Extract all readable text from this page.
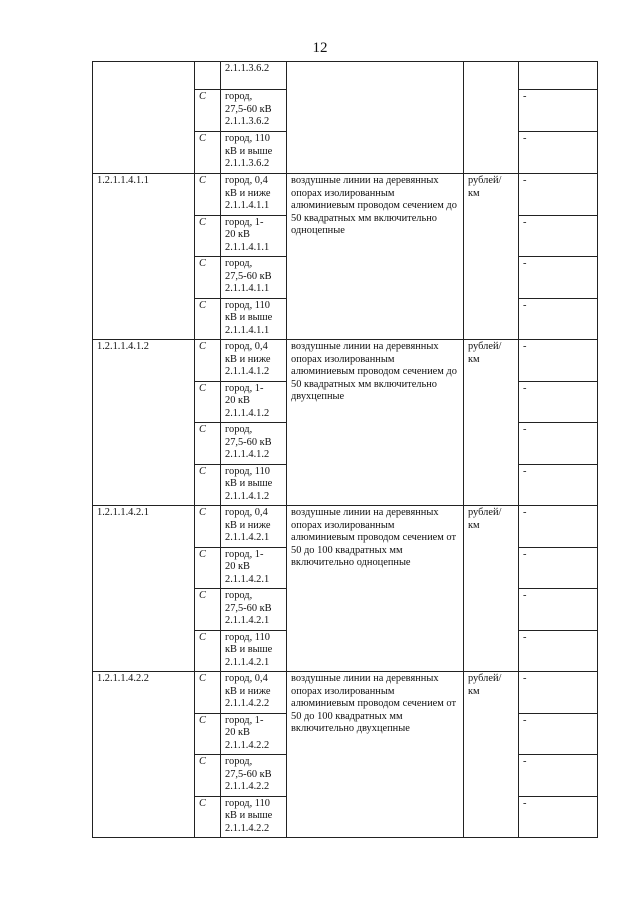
12

		2.1.1.3.6.2			

	С	город,
27,5-60 кВ
2.1.1.3.6.2			-
	С	город, 110
кВ и выше
2.1.1.3.6.2			-

1.2.1.1.4.1.1	С	город, 0,4
кВ и ниже
2.1.1.4.1.1	воздушные линии на деревянных опорах изолированным алюминиевым проводом сечением до 50 квадратных мм включительно одноцепные	рублей/ км	-
	С	город, 1-
20 кВ
2.1.1.4.1.1			-
	С	город,
27,5-60 кВ
2.1.1.4.1.1			-
	С	город, 110
кВ и выше
2.1.1.4.1.1			-

1.2.1.1.4.1.2	С	город, 0,4
кВ и ниже
2.1.1.4.1.2	воздушные линии на деревянных опорах изолированным алюминиевым проводом сечением до 50 квадратных мм включительно двухцепные	рублей/ км	-
	С	город, 1-
20 кВ
2.1.1.4.1.2			-
	С	город,
27,5-60 кВ
2.1.1.4.1.2			-
	С	город, 110
кВ и выше
2.1.1.4.1.2			-

1.2.1.1.4.2.1	С	город, 0,4
кВ и ниже
2.1.1.4.2.1	воздушные линии на деревянных опорах изолированным алюминиевым проводом сечением от 50 до 100 квадратных мм включительно одноцепные	рублей/ км	-
	С	город, 1-
20 кВ
2.1.1.4.2.1			-
	С	город,
27,5-60 кВ
2.1.1.4.2.1			-
	С	город, 110
кВ и выше
2.1.1.4.2.1			-

1.2.1.1.4.2.2	С	город, 0,4
кВ и ниже
2.1.1.4.2.2	воздушные линии на деревянных опорах изолированным алюминиевым проводом сечением от 50 до 100 квадратных мм включительно двухцепные	рублей/ км	-
	С	город, 1-
20 кВ
2.1.1.4.2.2			-
	С	город,
27,5-60 кВ
2.1.1.4.2.2			-
	С	город, 110
кВ и выше
2.1.1.4.2.2			-
